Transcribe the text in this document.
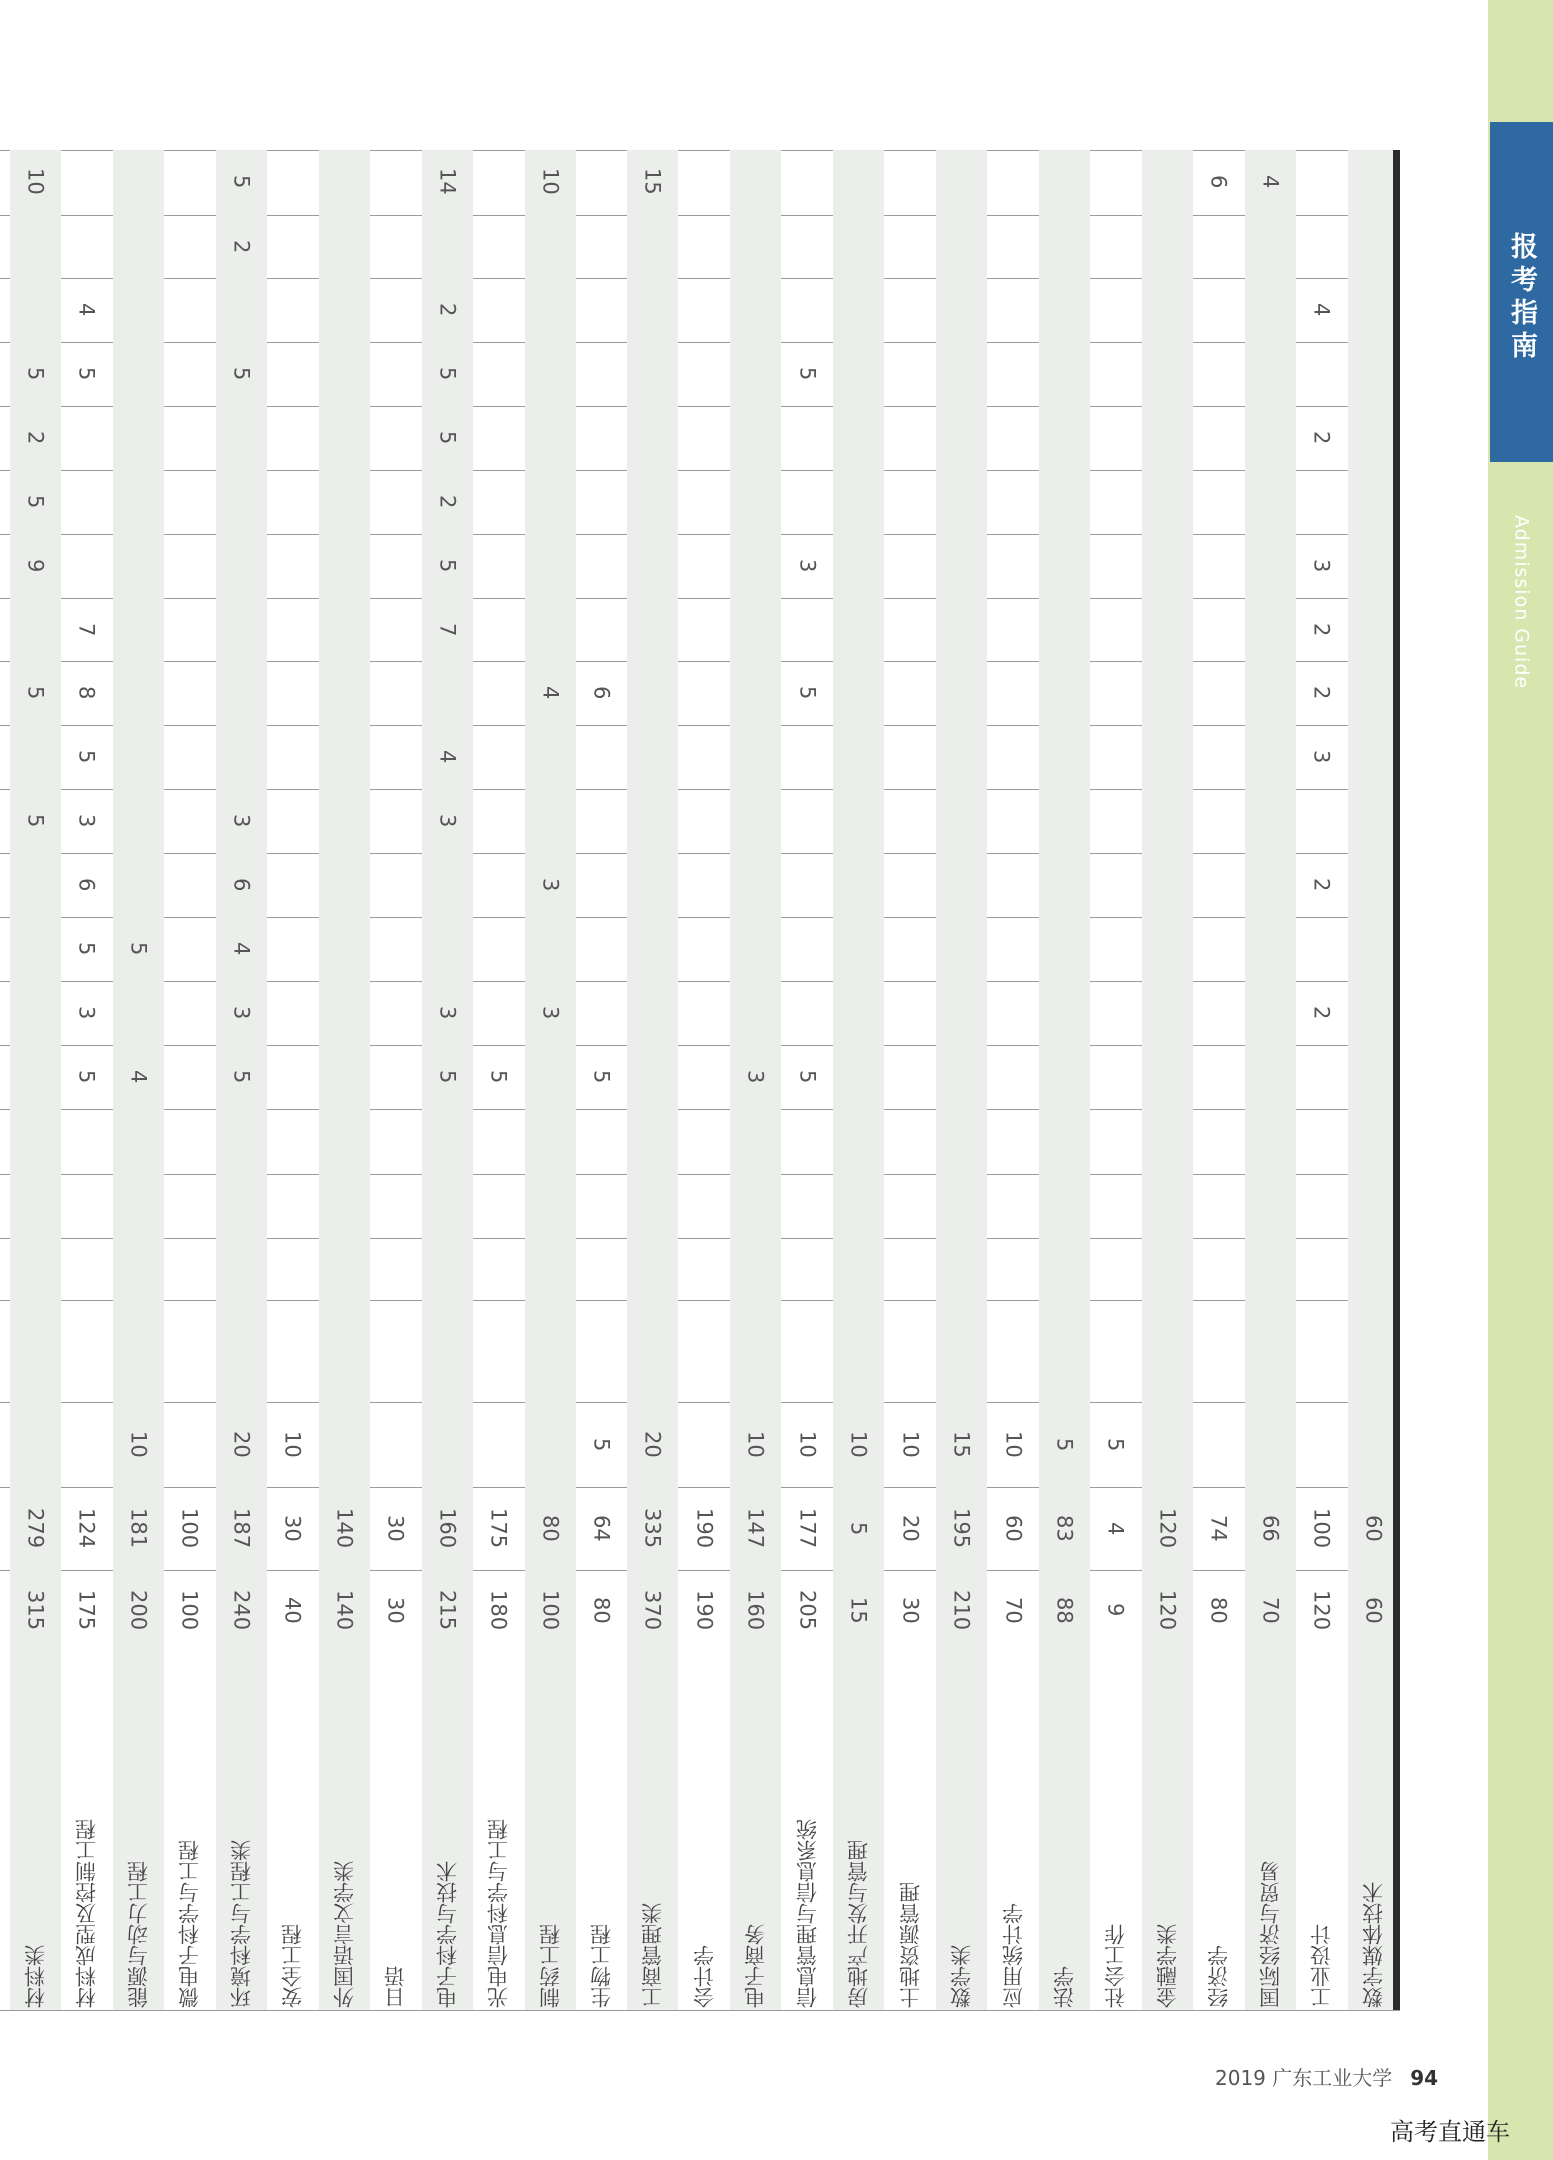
报考指南
Admission Guide
材料类
315
279
10
5
2
5
9
5
5
材料成型及控制工程
175
124
4
5
7
8
5
3
6
5
3
5
能源与动力工程
200
181
10
5
4
微电子科学与工程
100
100
环境科学与工程类
240
187
20
5
2
5
3
6
4
3
5
安全工程
40
30
10
外国语言文学类
140
140
日语
30
30
电子科学与技术
215
160
14
2
5
5
2
5
7
4
3
3
5
光电信息科学与工程
180
175
5
制药工程
100
80
10
4
3
3
生物工程
80
64
5
6
5
工商管理类
370
335
20
15
会计学
190
190
电子商务
160
147
10
3
信息管理与信息系统
205
177
10
5
3
5
5
房地产开发与管理
15
5
10
土地资源管理
30
20
10
数学类
210
195
15
应用统计学
70
60
10
法学
88
83
5
社会工作
9
4
5
金融学类
120
120
经济学
80
74
6
国际经济与贸易
70
66
4
工业设计
120
100
4
2
3
2
2
3
2
2
数字媒体技术
60
60
2019 广东工业大学 94
高考直通车
